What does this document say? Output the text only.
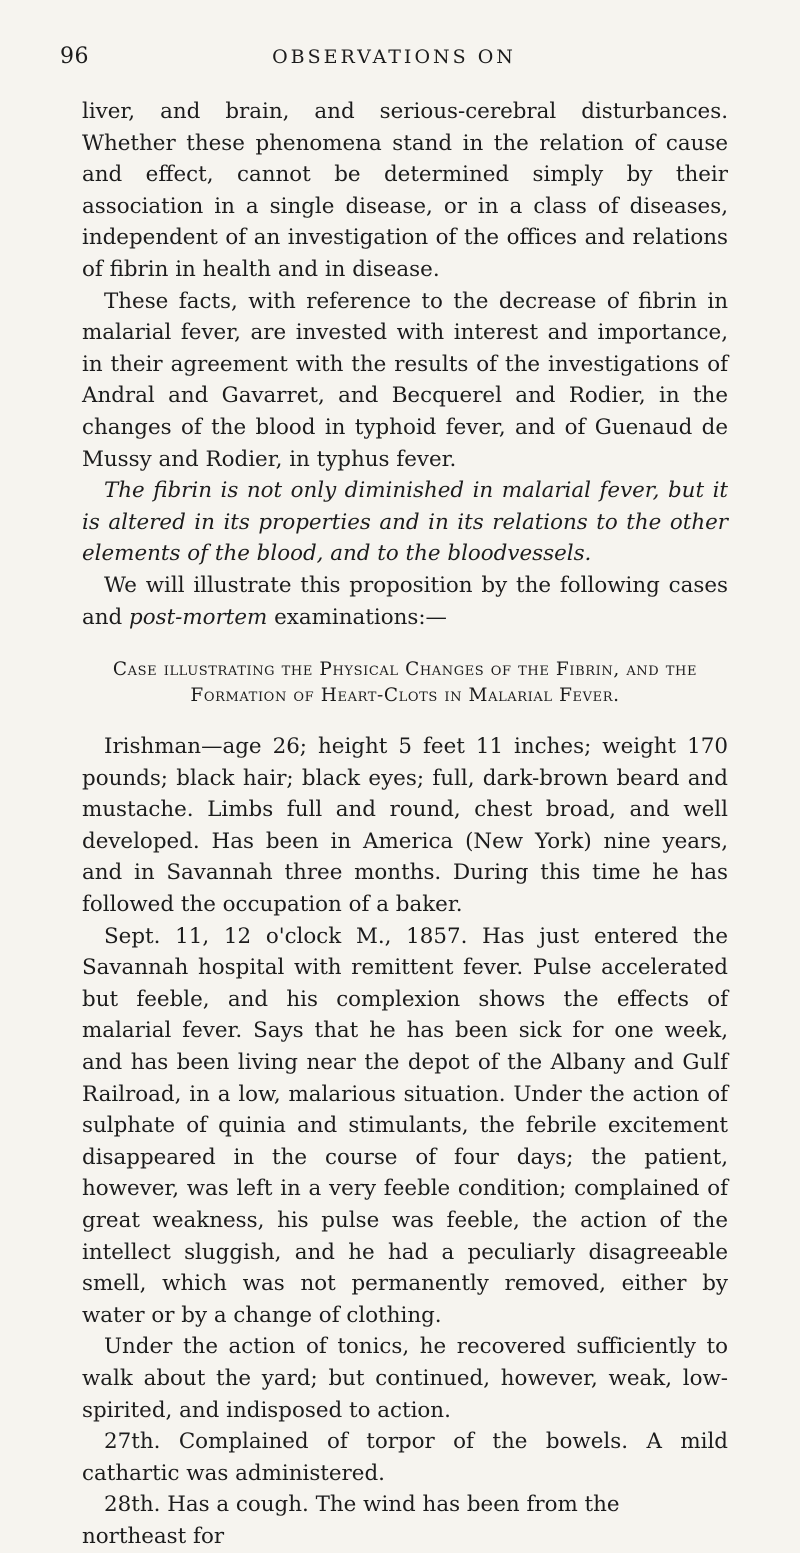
96	OBSERVATIONS ON

liver, and brain, and serious-cerebral disturbances. Whether these phenomena stand in the relation of cause and effect, cannot be determined simply by their association in a single disease, or in a class of diseases, independent of an investigation of the offices and relations of fibrin in health and in disease.

These facts, with reference to the decrease of fibrin in malarial fever, are invested with interest and importance, in their agreement with the results of the investigations of Andral and Gavarret, and Becquerel and Rodier, in the changes of the blood in typhoid fever, and of Guenaud de Mussy and Rodier, in typhus fever.

The fibrin is not only diminished in malarial fever, but it is altered in its properties and in its relations to the other elements of the blood, and to the bloodvessels.

We will illustrate this proposition by the following cases and post-mortem examinations:—

Case illustrating the Physical Changes of the Fibrin, and the
Formation of Heart-Clots in Malarial Fever.

Irishman—age 26; height 5 feet 11 inches; weight 170 pounds; black hair; black eyes; full, dark-brown beard and mustache. Limbs full and round, chest broad, and well developed. Has been in America (New York) nine years, and in Savannah three months. During this time he has followed the occupation of a baker.

Sept. 11, 12 o'clock M., 1857. Has just entered the Savannah hospital with remittent fever. Pulse accelerated but feeble, and his complexion shows the effects of malarial fever. Says that he has been sick for one week, and has been living near the depot of the Albany and Gulf Railroad, in a low, malarious situation. Under the action of sulphate of quinia and stimulants, the febrile excitement disappeared in the course of four days; the patient, however, was left in a very feeble condition; complained of great weakness, his pulse was feeble, the action of the intellect sluggish, and he had a peculiarly disagreeable smell, which was not permanently removed, either by water or by a change of clothing.

Under the action of tonics, he recovered sufficiently to walk about the yard; but continued, however, weak, low-spirited, and indisposed to action.

27th. Complained of torpor of the bowels. A mild cathartic was administered.

28th. Has a cough. The wind has been from the northeast for
